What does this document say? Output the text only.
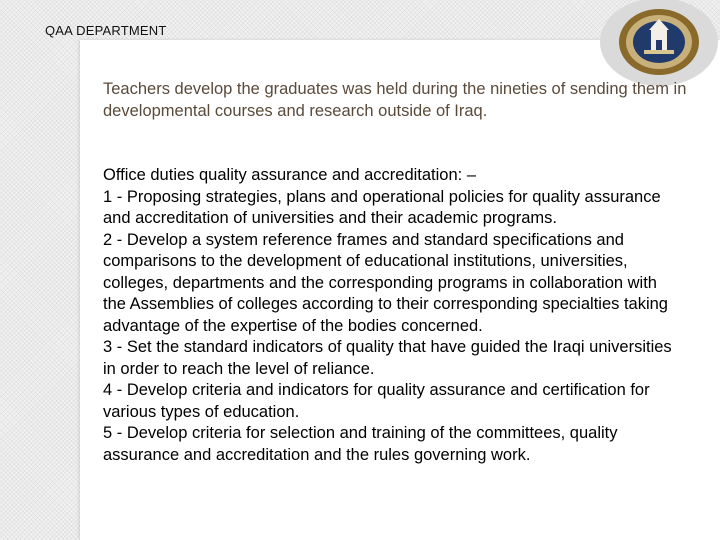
QAA DEPARTMENT

Teachers develop the graduates was held during the nineties of sending them in developmental courses and research outside of Iraq.

Office duties quality assurance and accreditation: –
1 - Proposing strategies, plans and operational policies for quality assurance and accreditation of universities and their academic programs.
2 - Develop a system reference frames and standard specifications and comparisons to the development of educational institutions, universities, colleges, departments and the corresponding programs in collaboration with the Assemblies of colleges according to their corresponding specialties taking advantage of the expertise of the bodies concerned.
3 - Set the standard indicators of quality that have guided the Iraqi universities in order to reach the level of reliance.
4 - Develop criteria and indicators for quality assurance and certification for various types of education.
5 - Develop criteria for selection and training of the committees, quality assurance and accreditation and the rules governing work.
